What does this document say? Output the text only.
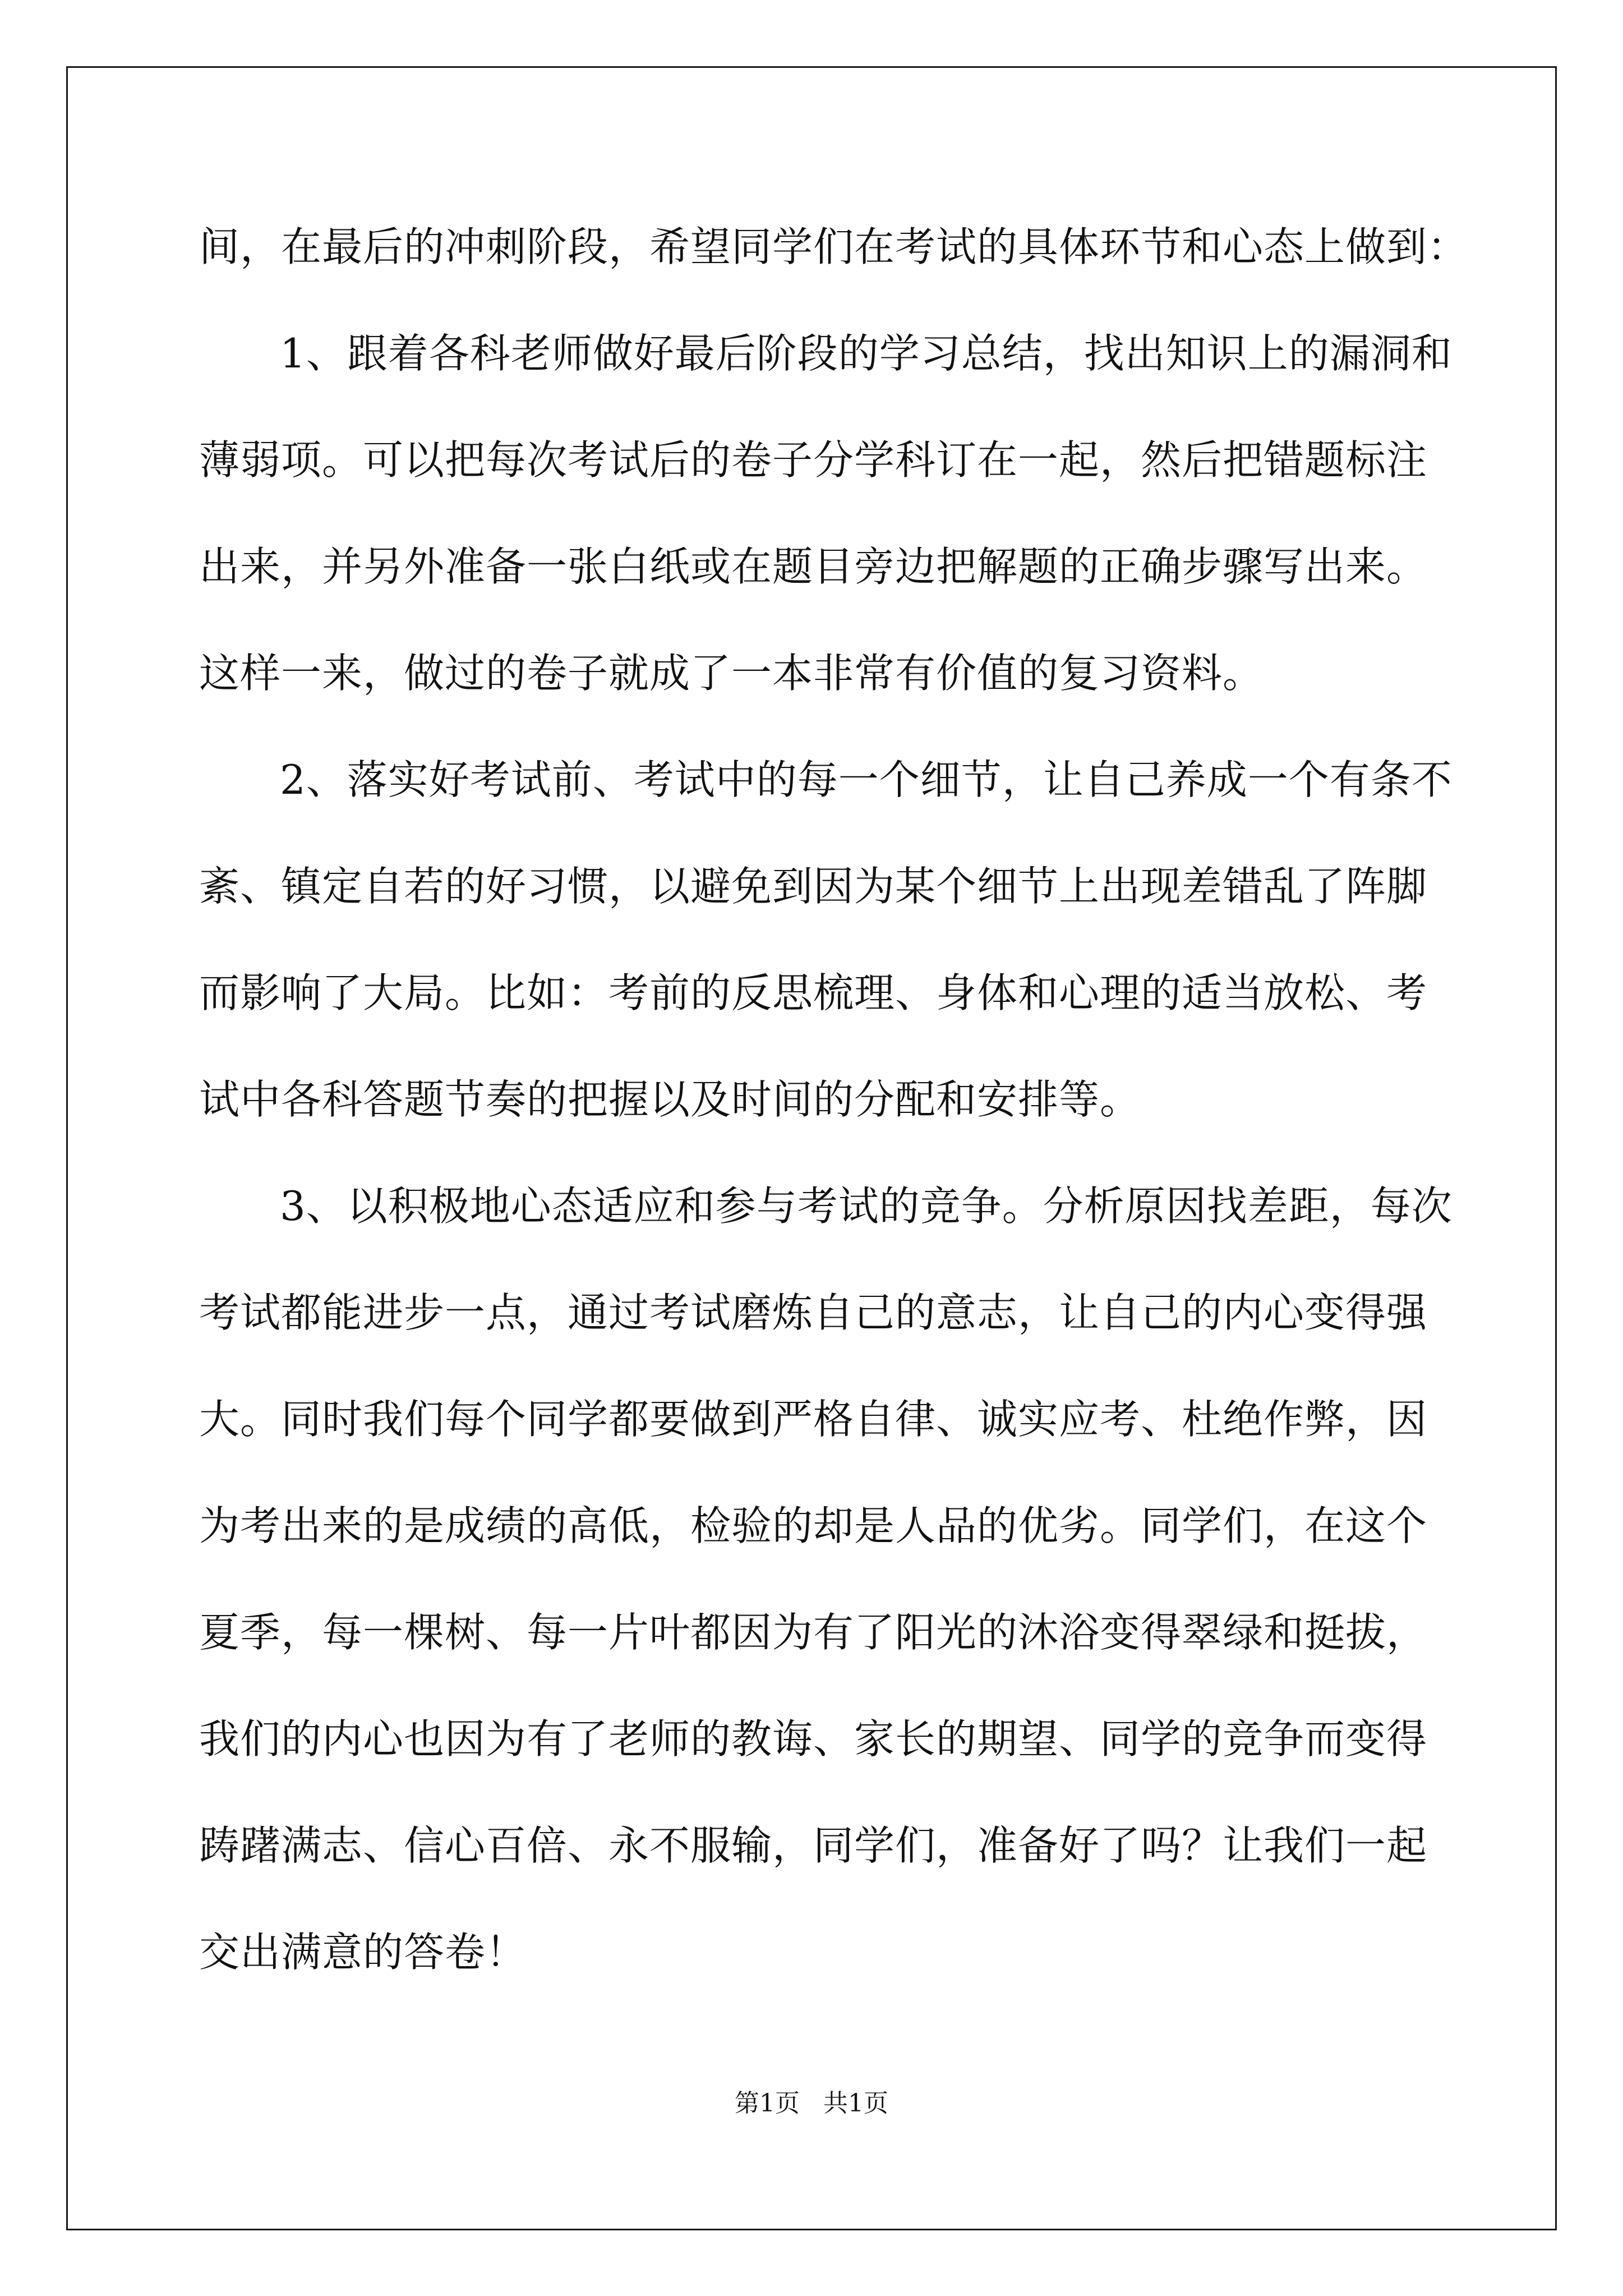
间，在最后的冲刺阶段，希望同学们在考试的具体环节和心态上做到：
1、跟着各科老师做好最后阶段的学习总结，找出知识上的漏洞和
薄弱项。可以把每次考试后的卷子分学科订在一起，然后把错题标注
出来，并另外准备一张白纸或在题目旁边把解题的正确步骤写出来。
这样一来，做过的卷子就成了一本非常有价值的复习资料。
2、落实好考试前、考试中的每一个细节，让自己养成一个有条不
紊、镇定自若的好习惯，以避免到因为某个细节上出现差错乱了阵脚
而影响了大局。比如：考前的反思梳理、身体和心理的适当放松、考
试中各科答题节奏的把握以及时间的分配和安排等。
3、以积极地心态适应和参与考试的竞争。分析原因找差距，每次
考试都能进步一点，通过考试磨炼自己的意志，让自己的内心变得强
大。同时我们每个同学都要做到严格自律、诚实应考、杜绝作弊，因
为考出来的是成绩的高低，检验的却是人品的优劣。同学们，在这个
夏季，每一棵树、每一片叶都因为有了阳光的沐浴变得翠绿和挺拔，
我们的内心也因为有了老师的教诲、家长的期望、同学的竞争而变得
踌躇满志、信心百倍、永不服输，同学们，准备好了吗？让我们一起
交出满意的答卷！
第1页 共1页
